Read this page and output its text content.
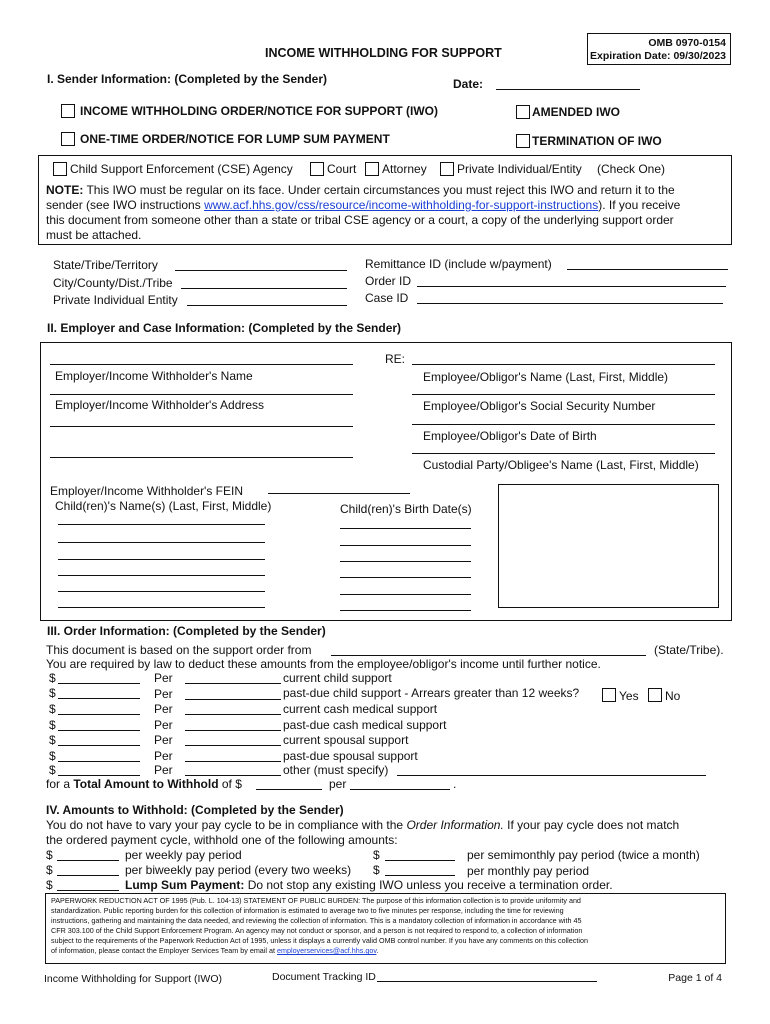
OMB 0970-0154
Expiration Date: 09/30/2023
INCOME WITHHOLDING FOR SUPPORT
I. Sender Information: (Completed by the Sender)	Date:
INCOME WITHHOLDING ORDER/NOTICE FOR SUPPORT (IWO)	AMENDED IWO
ONE-TIME ORDER/NOTICE FOR LUMP SUM PAYMENT	TERMINATION OF IWO
Child Support Enforcement (CSE) Agency	Court Attorney	Private Individual/Entity (Check One)
NOTE: This IWO must be regular on its face. Under certain circumstances you must reject this IWO and return it to the
sender (see IWO instructions www.acf.hhs.gov/css/resource/income-withholding-for-support-instructions). If you receive
this document from someone other than a state or tribal CSE agency or a court, a copy of the underlying support order
must be attached.
State/Tribe/Territory
City/County/Dist./Tribe
Private Individual Entity
Remittance ID (include w/payment)
Order ID
Case ID
II. Employer and Case Information: (Completed by the Sender)
Employer/Income Withholder's Name
Employer/Income Withholder's Address
RE:
Employee/Obligor's Name (Last, First, Middle)
Employee/Obligor's Social Security Number
Employee/Obligor's Date of Birth
Custodial Party/Obligee's Name (Last, First, Middle)
Employer/Income Withholder's FEIN
Child(ren)'s Name(s) (Last, First, Middle)	Child(ren)'s Birth Date(s)
III. Order Information: (Completed by the Sender)
This document is based on the support order from	(State/Tribe).
You are required by law to deduct these amounts from the employee/obligor's income until further notice.
$	Per	current child support
$	Per	past-due child support - Arrears greater than 12 weeks?	Yes No
$	Per	current cash medical support
$	Per	past-due cash medical support
$	Per	current spousal support
$	Per	past-due spousal support
$	Per	other (must specify)
for a Total Amount to Withhold of $	per	.
IV. Amounts to Withhold: (Completed by the Sender)
You do not have to vary your pay cycle to be in compliance with the Order Information. If your pay cycle does not match
the ordered payment cycle, withhold one of the following amounts:
$	per weekly pay period	$	per semimonthly pay period (twice a month)
$	per biweekly pay period (every two weeks) $	per monthly pay period
$	Lump Sum Payment: Do not stop any existing IWO unless you receive a termination order.
PAPERWORK REDUCTION ACT OF 1995 (Pub. L. 104-13) STATEMENT OF PUBLIC BURDEN: The purpose of this information collection is to provide uniformity and
standardization. Public reporting burden for this collection of information is estimated to average two to five minutes per response, including the time for reviewing
instructions, gathering and maintaining the data needed, and reviewing the collection of information. This is a mandatory collection of information in accordance with 45
CFR 303.100 of the Child Support Enforcement Program. An agency may not conduct or sponsor, and a person is not required to respond to, a collection of information
subject to the requirements of the Paperwork Reduction Act of 1995, unless it displays a currently valid OMB control number. If you have any comments on this collection
of information, please contact the Employer Services Team by email at employerservices@acf.hhs.gov.
Income Withholding for Support (IWO)	Document Tracking ID	Page 1 of 4
